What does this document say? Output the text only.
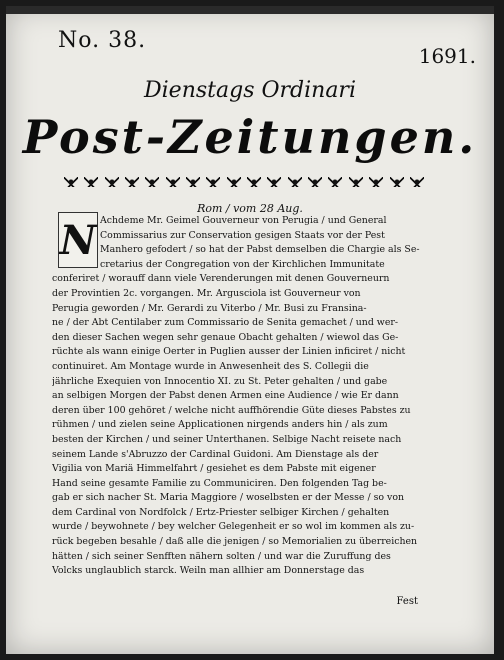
No. 38.
1691.
Dienstags Ordinari
Post-Zeitungen.
Rom / vom 28 Aug.
N Achdeme Mr. Geimel Gouverneur von Perugia / und General
Commissarius zur Conservation gesigen Staats vor der Pest
Manhero gefodert / so hat der Pabst demselben die Chargie als Se-
cretarius der Congregation von der Kirchlichen Immunitate
conferiret / worauff dann viele Verenderungen mit denen Gouverneurn
der Provintien 2c. vorgangen. Mr. Argusciola ist Gouverneur von
Perugia geworden / Mr. Gerardi zu Viterbo / Mr. Busi zu Fransina-
ne / der Abt Centilaber zum Commissario de Senita gemachet / und wer-
den dieser Sachen wegen sehr genaue Obacht gehalten / wiewol das Ge-
rüchte als wann einige Oerter in Puglien ausser der Linien inficiret / nicht
continuiret. Am Montage wurde in Anwesenheit des S. Collegii die
jährliche Exequien von Innocentio XI. zu St. Peter gehalten / und gabe
an selbigen Morgen der Pabst denen Armen eine Audience / wie Er dann
deren über 100 gehöret / welche nicht auffhörendie Güte dieses Pabstes zu
rühmen / und zielen seine Applicationen nirgends anders hin / als zum
besten der Kirchen / und seiner Unterthanen. Selbige Nacht reisete nach
seinem Lande s'Abruzzo der Cardinal Guidoni. Am Dienstage als der
Vigilia von Mariä Himmelfahrt / gesiehet es dem Pabste mit eigener
Hand seine gesamte Familie zu Communiciren. Den folgenden Tag be-
gab er sich nacher St. Maria Maggiore / woselbsten er der Messe / so von
dem Cardinal von Nordfolck / Ertz-Priester selbiger Kirchen / gehalten
wurde / beywohnete / bey welcher Gelegenheit er so wol im kommen als zu-
rück begeben besahle / daß alle die jenigen / so Memorialien zu überreichen
hätten / sich seiner Senfften nähern solten / und war die Zuruffung des
Volcks unglaublich starck. Weiln man allhier am Donnerstage das
Fest
